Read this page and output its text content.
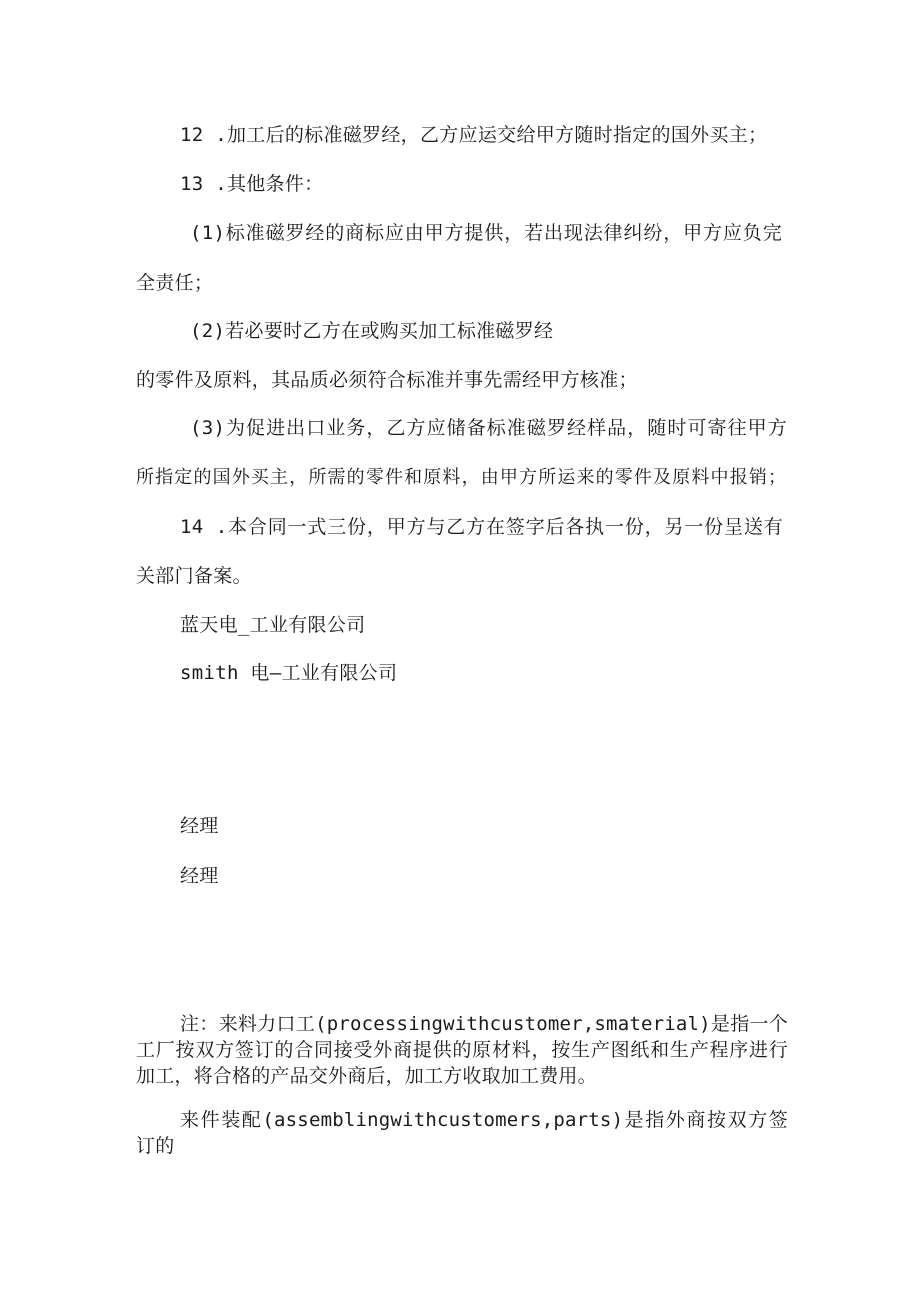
12 .加工后的标准磁罗经，乙方应运交给甲方随时指定的国外买主；
13 .其他条件：
(1)标准磁罗经的商标应由甲方提供，若出现法律纠纷，甲方应负完
全责任；
(2)若必要时乙方在或购买加工标准磁罗经
的零件及原料，其品质必须符合标准并事先需经甲方核准；
(3)为促进出口业务，乙方应储备标准磁罗经样品，随时可寄往甲方
所指定的国外买主，所需的零件和原料，由甲方所运来的零件及原料中报销；
14 .本合同一式三份，甲方与乙方在签字后各执一份，另一份呈送有
关部门备案。
蓝天电_工业有限公司
smith 电—工业有限公司
经理
经理
注：来料力口工(processingwithcustomer,smaterial)是指一个工厂按双方签订的合同接受外商提供的原材料，按生产图纸和生产程序进行加工，将合格的产品交外商后，加工方收取加工费用。
来件装配(assemblingwithcustomers,parts)是指外商按双方签订的
